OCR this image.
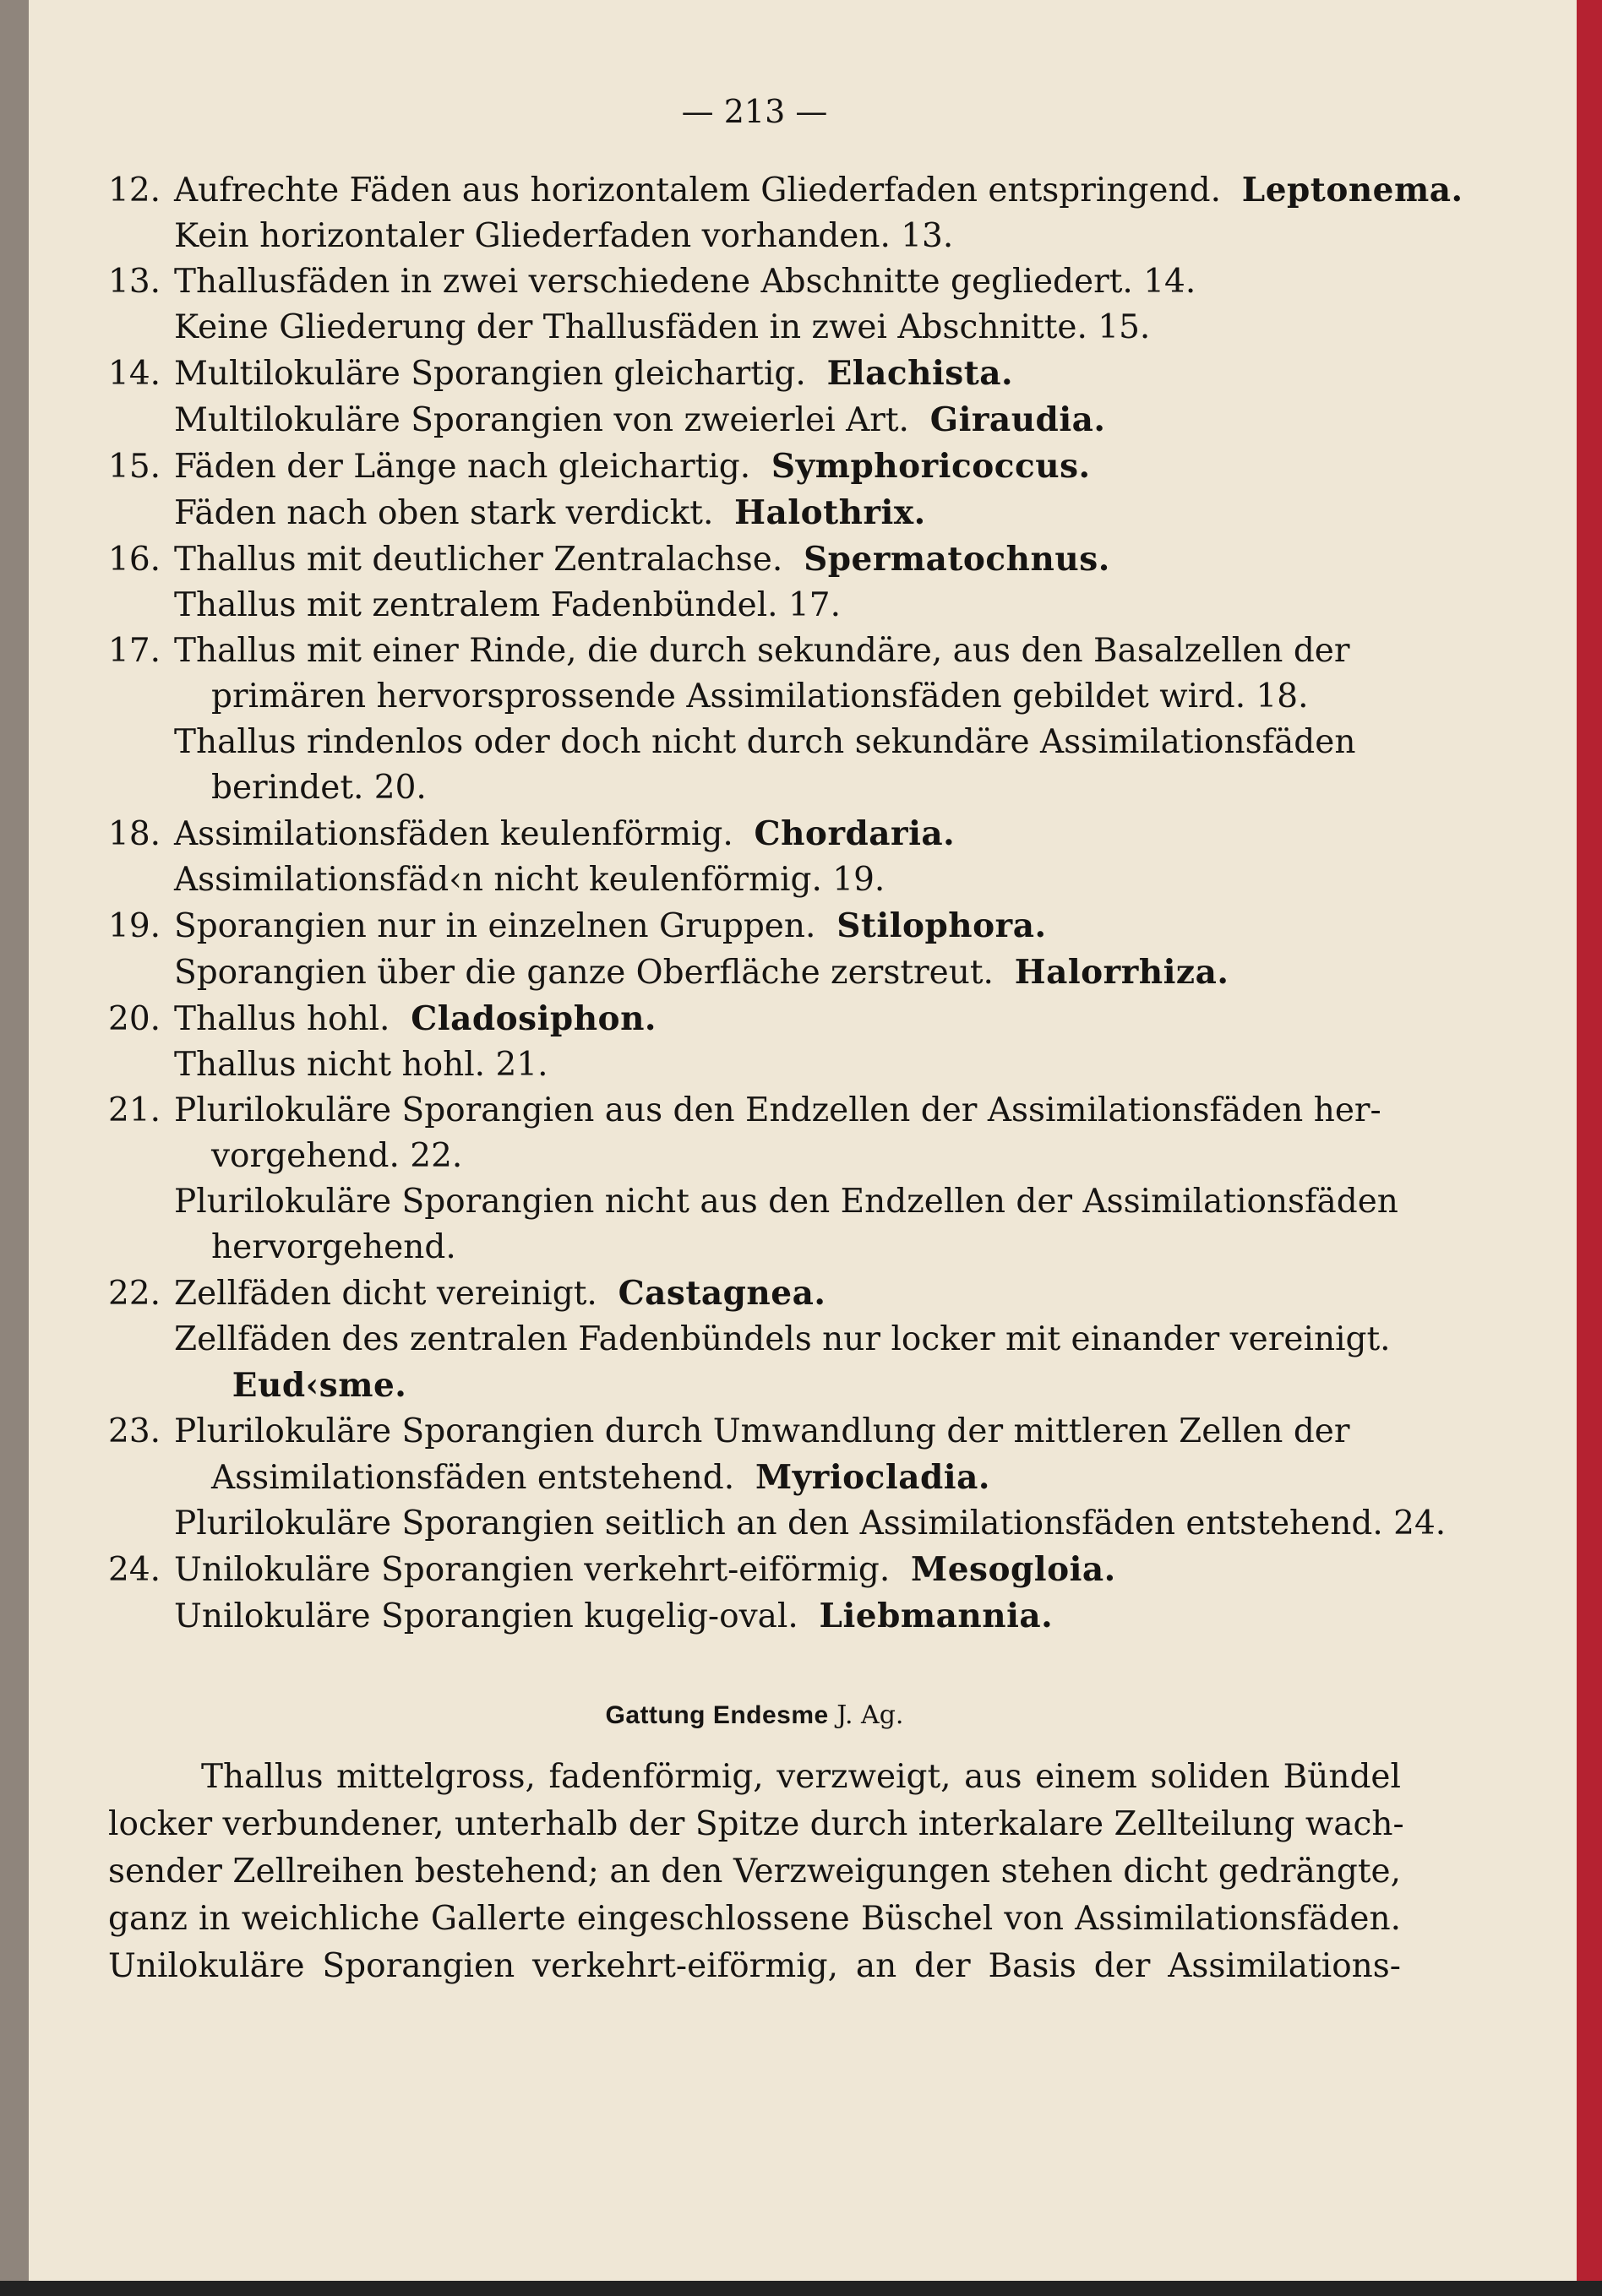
— 213 —
12. Aufrechte Fäden aus horizontalem Gliederfaden entspringend. Leptonema.
Kein horizontaler Gliederfaden vorhanden. 13.
13. Thallusfäden in zwei verschiedene Abschnitte gegliedert. 14.
Keine Gliederung der Thallusfäden in zwei Abschnitte. 15.
14. Multilokuläre Sporangien gleichartig. Elachista.
Multilokuläre Sporangien von zweierlei Art. Giraudia.
15. Fäden der Länge nach gleichartig. Symphoricoccus.
Fäden nach oben stark verdickt. Halothrix.
16. Thallus mit deutlicher Zentralachse. Spermatochnus.
Thallus mit zentralem Fadenbündel. 17.
17. Thallus mit einer Rinde, die durch sekundäre, aus den Basalzellen der
primären hervorsprossende Assimilationsfäden gebildet wird. 18.
Thallus rindenlos oder doch nicht durch sekundäre Assimilationsfäden
berindet. 20.
18. Assimilationsfäden keulenförmig. Chordaria.
Assimilationsfäd‹n nicht keulenförmig. 19.
19. Sporangien nur in einzelnen Gruppen. Stilophora.
Sporangien über die ganze Oberfläche zerstreut. Halorrhiza.
20. Thallus hohl. Cladosiphon.
Thallus nicht hohl. 21.
21. Plurilokuläre Sporangien aus den Endzellen der Assimilationsfäden her-
vorgehend. 22.
Plurilokuläre Sporangien nicht aus den Endzellen der Assimilationsfäden
hervorgehend.
22. Zellfäden dicht vereinigt. Castagnea.
Zellfäden des zentralen Fadenbündels nur locker mit einander vereinigt.
Eud‹sme.
23. Plurilokuläre Sporangien durch Umwandlung der mittleren Zellen der
Assimilationsfäden entstehend. Myriocladia.
Plurilokuläre Sporangien seitlich an den Assimilationsfäden entstehend. 24.
24. Unilokuläre Sporangien verkehrt-eiförmig. Mesogloia.
Unilokuläre Sporangien kugelig-oval. Liebmannia.
Gattung Endesme J. Ag.
Thallus mittelgross, fadenförmig, verzweigt, aus einem soliden Bündel
locker verbundener, unterhalb der Spitze durch interkalare Zellteilung wach-
sender Zellreihen bestehend; an den Verzweigungen stehen dicht gedrängte,
ganz in weichliche Gallerte eingeschlossene Büschel von Assimilationsfäden.
Unilokuläre Sporangien verkehrt-eiförmig, an der Basis der Assimilations-
